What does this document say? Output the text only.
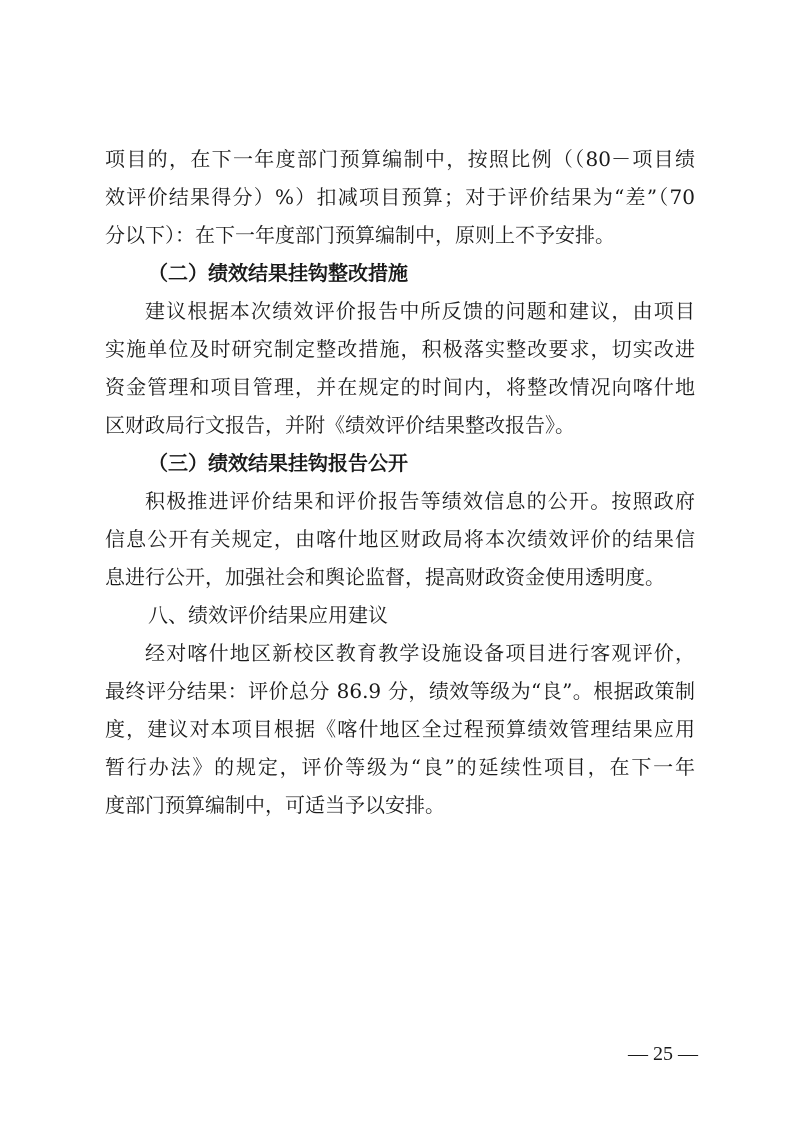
项目的，在下一年度部门预算编制中，按照比例（（80－项目绩
效评价结果得分）%）扣减项目预算；对于评价结果为“差”（70
分以下）：在下一年度部门预算编制中，原则上不予安排。
（二）绩效结果挂钩整改措施
建议根据本次绩效评价报告中所反馈的问题和建议，由项目
实施单位及时研究制定整改措施，积极落实整改要求，切实改进
资金管理和项目管理，并在规定的时间内，将整改情况向喀什地
区财政局行文报告，并附《绩效评价结果整改报告》。
（三）绩效结果挂钩报告公开
积极推进评价结果和评价报告等绩效信息的公开。按照政府
信息公开有关规定，由喀什地区财政局将本次绩效评价的结果信
息进行公开，加强社会和舆论监督，提高财政资金使用透明度。
八、绩效评价结果应用建议
经对喀什地区新校区教育教学设施设备项目进行客观评价，
最终评分结果：评价总分 86.9 分，绩效等级为“良”。根据政策制
度，建议对本项目根据《喀什地区全过程预算绩效管理结果应用
暂行办法》的规定，评价等级为“良”的延续性项目，在下一年
度部门预算编制中，可适当予以安排。
— 25 —
